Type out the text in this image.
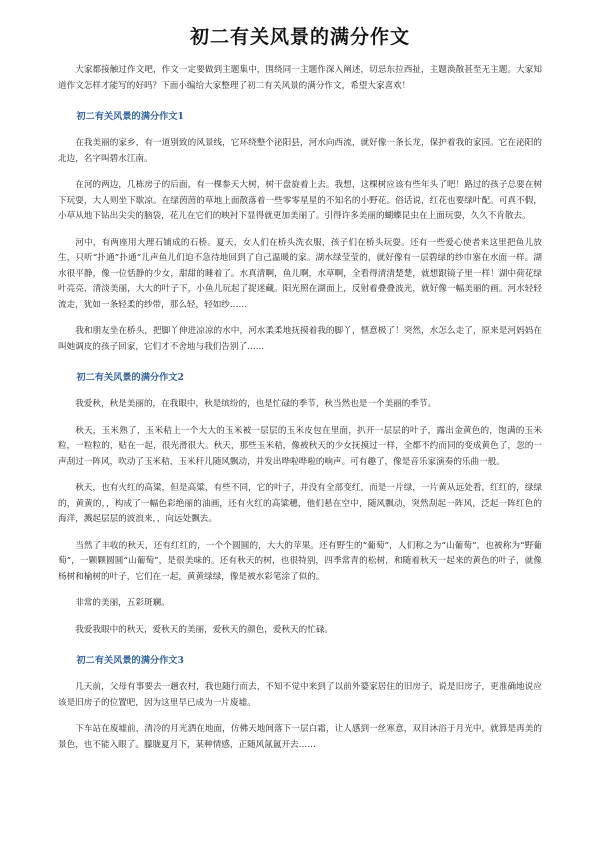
初二有关风景的满分作文

大家都接触过作文吧，作文一定要做到主题集中，围绕同一主题作深入阐述，切忌东拉西扯，主题涣散甚至无主题。大家知道作文怎样才能写的好吗？下面小编给大家整理了初二有关风景的满分作文，希望大家喜欢！

初二有关风景的满分作文1

在我美丽的家乡，有一道别致的风景线，它环绕整个泌阳县，河水向西流，就好像一条长龙，保护着我的家园。它在泌阳的北边，名字叫碧水江南。

在河的两边，几栋房子的后面，有一棵参天大树，树干盘旋着上去。我想，这棵树应该有些年头了吧！路过的孩子总要在树下玩耍，大人则坐下歇凉。在绿茵茵的草地上面散落着一些零零星星的不知名的小野花。俗话说，红花也要绿叶配。可真不假，小草从地下钻出尖尖的脑袋，花儿在它们的映衬下显得就更加美丽了。引得许多美丽的蝴蝶昆虫在上面玩耍，久久不肯散去。

河中，有两座用大理石铺成的石桥。夏天，女人们在桥头洗衣服，孩子们在桥头玩耍。还有一些爱心使者来这里把鱼儿放生，只听“扑通”扑通”儿声鱼儿们迫不急待地回到了自己温暖的家。湖水绿莹莹的，就好像有一层碧绿的纱巾塞在水面一样。湖水很平静，像一位恬静的少女，甜甜的睡着了。水真清啊，鱼儿啊，水草啊，全看得清清楚楚，就想跟镜子里一样！湖中荷花绿叶亮亮，清淡美丽，大大的叶子下，小鱼儿玩起了捉迷藏。阳光照在湖面上，反射着叠叠波光，就好像一幅美丽的画。河水轻轻流走，犹如一条轻柔的纱带，那么轻，轻如纱……

我和朋友坐在桥头，把脚丫伸进凉凉的水中，河水柔柔地抚摸着我的脚丫，惬意极了！突然，水怎么走了，原来是河妈妈在叫她调皮的孩子回家，它们才不舍地与我们告别了……

初二有关风景的满分作文2

我爱秋，秋是美丽的，在我眼中，秋是缤纷的，也是忙碌的季节，秋当然也是一个美丽的季节。

秋天，玉米熟了，玉米秸上一个大大的玉米被一层层的玉米皮包在里面，扒开一层层的叶子，露出金黄色的，饱满的玉米粒，一粒粒的，贴在一起，很光滑很大。秋天，那些玉米秸，像被秋天的少女抚摸过一样，全都不约而同的变成黄色了，忽的一声刮过一阵风，吹动了玉米秸，玉米秆儿随风飘动，并发出哗啦哗啦的响声。可有趣了，像是音乐家演奏的乐曲一般。

秋天，也有火红的高粱，但是高粱，有些不同，它的叶子，并没有全部变红，而是一片绿，一片黄从远处看，红红的，绿绿的，黄黄的，，构成了一幅色彩绝丽的油画，还有火红的高粱穗，他们悬在空中，随风飘动，突然刮起一阵风，泛起一阵红色的海洋，溅起层层的波浪来，，向远处飘去。

当然了丰收的秋天，还有红红的，一个个圆圆的，大大的苹果。还有野生的“葡萄”，人们称之为“山葡萄”，也被称为“野葡萄”，一颗颗圆圆“山葡萄”，是很美味的。还有秋天的树，也很特别，四季常青的松树，和随着秋天一起来的黄色的叶子，就像杨树和榆树的叶子，它们在一起，黄黄绿绿，像是被水彩笔涂了似的。

非常的美丽，五彩斑斓。

我爱我眼中的秋天，爱秋天的美丽，爱秋天的颜色，爱秋天的忙碌。

初二有关风景的满分作文3

几天前，父母有事要去一趟农村，我也随行而去，不知不觉中来到了以前外婆家居住的旧房子，说是旧房子，更准确地说应该是旧房子的位置吧，因为这里早已成为一片废墟。

下车站在废墟前，清冷的月光洒在地面，仿佛天地间落下一层白霜，让人感到一丝寒意，双目沐浴于月光中，就算是再美的景色，也不能入眼了。朦胧夏月下，某种情感，正随风氤氲开去……
